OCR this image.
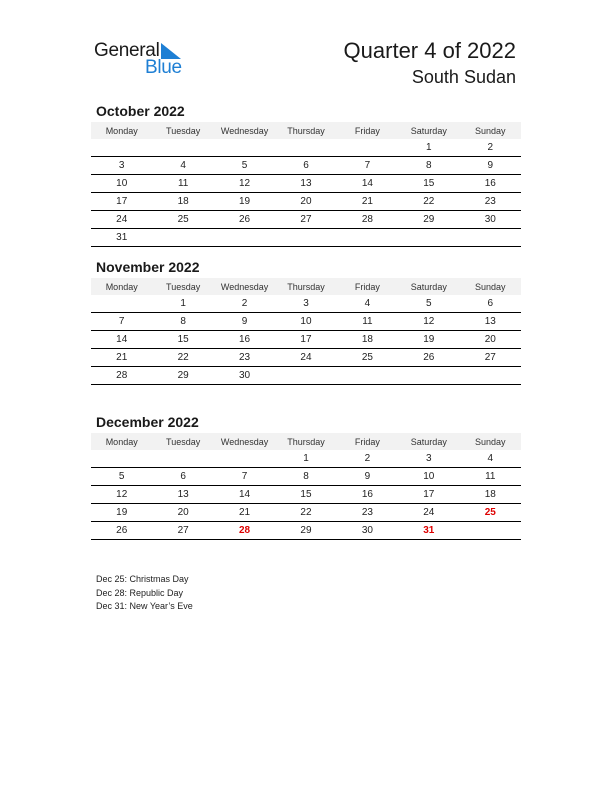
General
Blue
Quarter 4 of 2022
South Sudan
October 2022
Monday	Tuesday	Wednesday	Thursday	Friday	Saturday	Sunday
					1	2
3	4	5	6	7	8	9
10	11	12	13	14	15	16
17	18	19	20	21	22	23
24	25	26	27	28	29	30
31						
November 2022
Monday	Tuesday	Wednesday	Thursday	Friday	Saturday	Sunday
	1	2	3	4	5	6
7	8	9	10	11	12	13
14	15	16	17	18	19	20
21	22	23	24	25	26	27
28	29	30				
December 2022
Monday	Tuesday	Wednesday	Thursday	Friday	Saturday	Sunday
			1	2	3	4
5	6	7	8	9	10	11
12	13	14	15	16	17	18
19	20	21	22	23	24	25
26	27	28	29	30	31	
Dec 25: Christmas Day
Dec 28: Republic Day
Dec 31: New Year’s Eve
